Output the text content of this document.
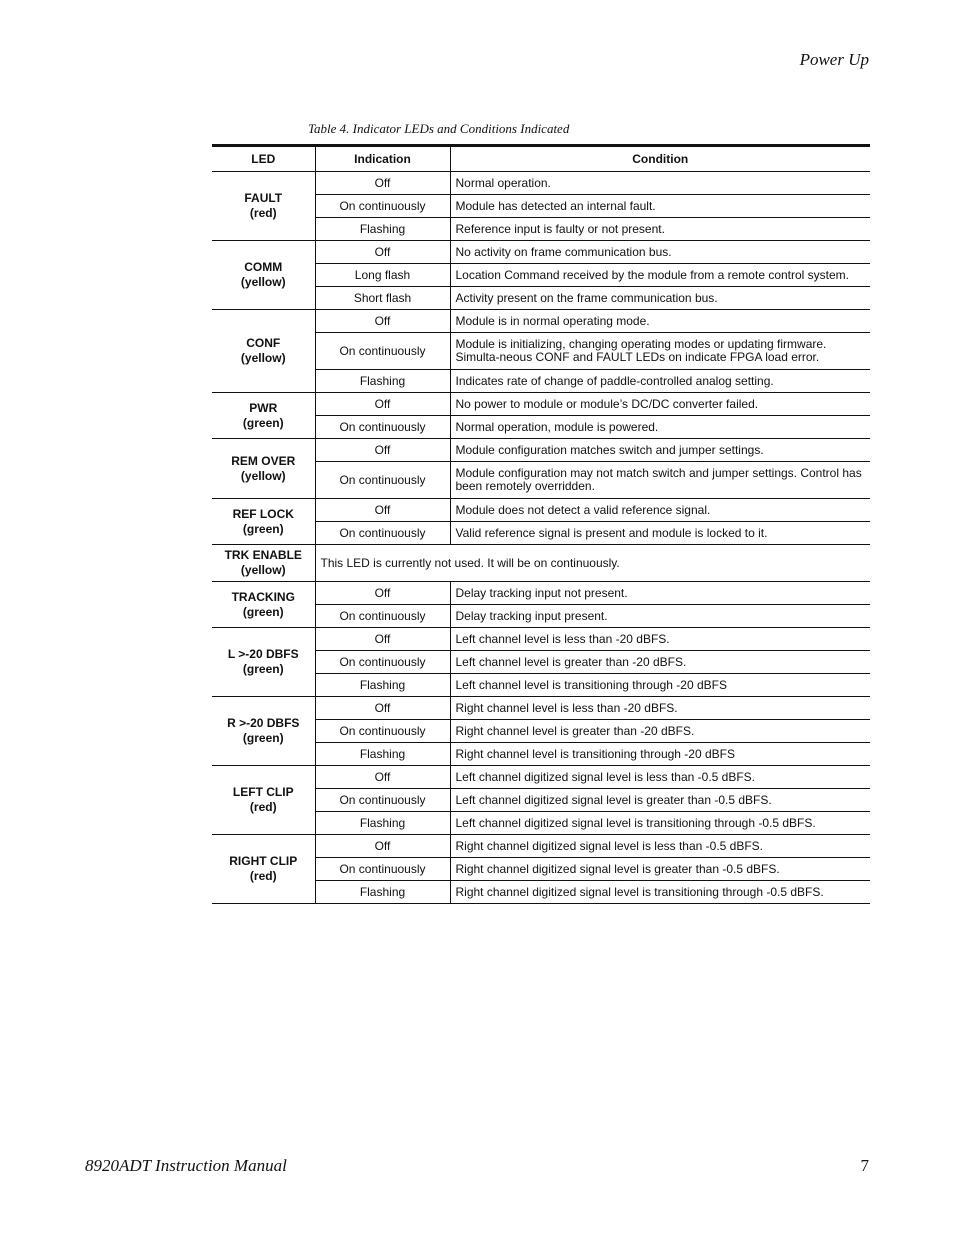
Power Up
Table 4. Indicator LEDs and Conditions Indicated
LED	Indication	Condition

FAULT
(red)	Off	Normal operation.
	On continuously	Module has detected an internal fault.
	Flashing	Reference input is faulty or not present.

COMM
(yellow)	Off	No activity on frame communication bus.
	Long flash	Location Command received by the module from a remote control system.
	Short flash	Activity present on the frame communication bus.

CONF
(yellow)	Off	Module is in normal operating mode.
	On continuously	Module is initializing, changing operating modes or updating firmware. Simulta-neous CONF and FAULT LEDs on indicate FPGA load error.
	Flashing	Indicates rate of change of paddle-controlled analog setting.

PWR
(green)	Off	No power to module or module’s DC/DC converter failed.
	On continuously	Normal operation, module is powered.

REM OVER
(yellow)	Off	Module configuration matches switch and jumper settings.
	On continuously	Module configuration may not match switch and jumper settings. Control has been remotely overridden.

REF LOCK
(green)	Off	Module does not detect a valid reference signal.
	On continuously	Valid reference signal is present and module is locked to it.

TRK ENABLE
(yellow)	This LED is currently not used. It will be on continuously.	

TRACKING
(green)	Off	Delay tracking input not present.
	On continuously	Delay tracking input present.

L >-20 DBFS
(green)	Off	Left channel level is less than -20 dBFS.
	On continuously	Left channel level is greater than -20 dBFS.
	Flashing	Left channel level is transitioning through -20 dBFS

R >-20 DBFS
(green)	Off	Right channel level is less than -20 dBFS.
	On continuously	Right channel level is greater than -20 dBFS.
	Flashing	Right channel level is transitioning through -20 dBFS

LEFT CLIP
(red)	Off	Left channel digitized signal level is less than -0.5 dBFS.
	On continuously	Left channel digitized signal level is greater than -0.5 dBFS.
	Flashing	Left channel digitized signal level is transitioning through -0.5 dBFS.

RIGHT CLIP
(red)	Off	Right channel digitized signal level is less than -0.5 dBFS.
	On continuously	Right channel digitized signal level is greater than -0.5 dBFS.
	Flashing	Right channel digitized signal level is transitioning through -0.5 dBFS.
8920ADT Instruction Manual	7
